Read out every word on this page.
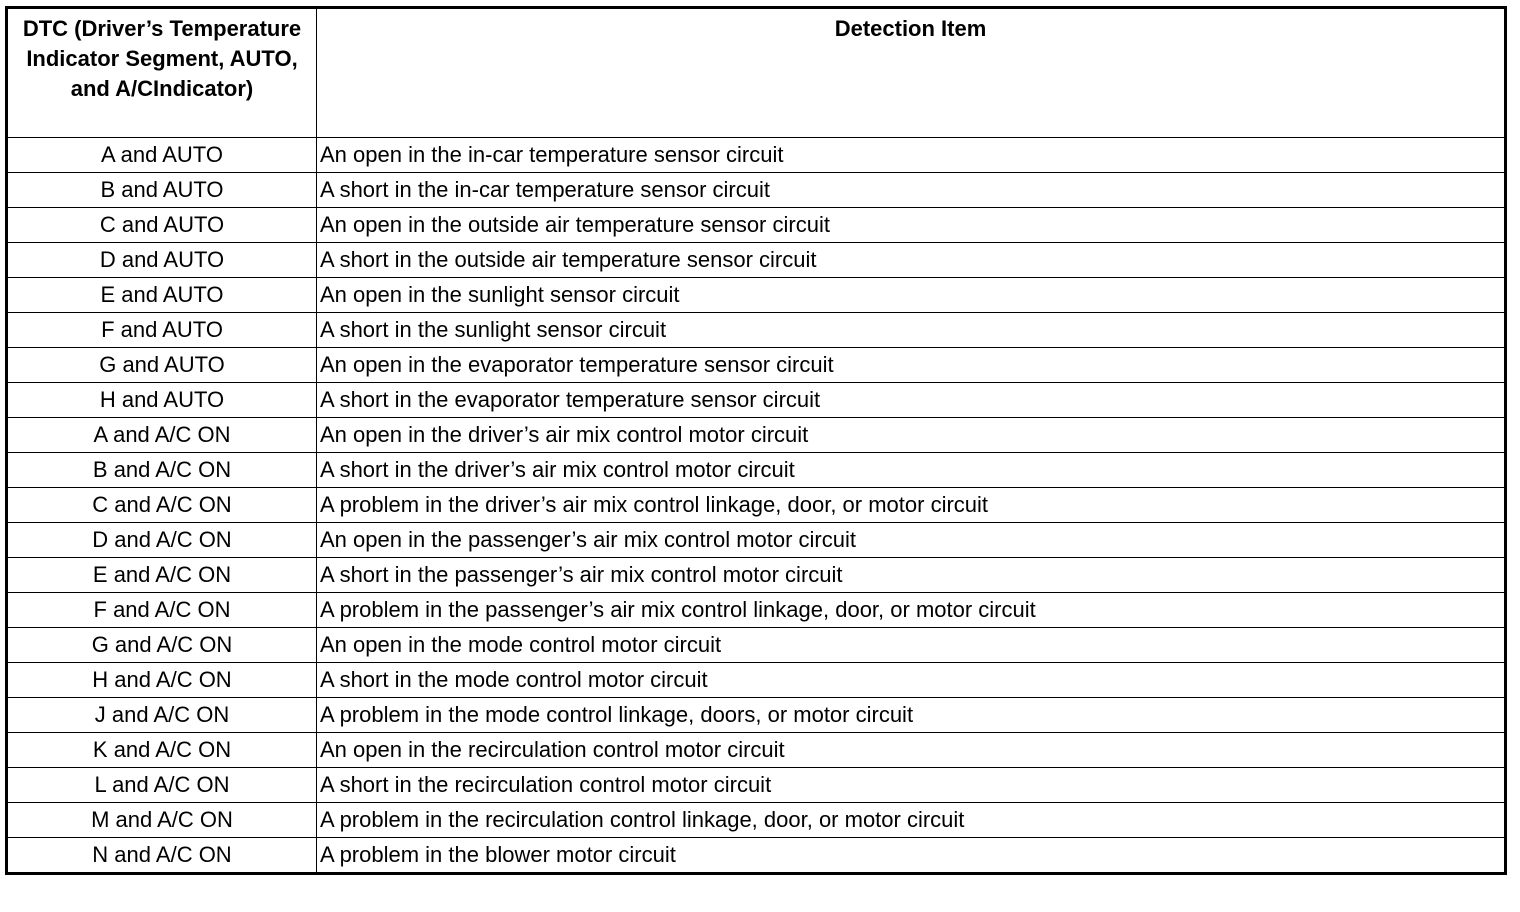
DTC (Driver’s Temperature Indicator Segment, AUTO, and A/CIndicator)	Detection Item
A and AUTO	An open in the in-car temperature sensor circuit
B and AUTO	A short in the in-car temperature sensor circuit
C and AUTO	An open in the outside air temperature sensor circuit
D and AUTO	A short in the outside air temperature sensor circuit
E and AUTO	An open in the sunlight sensor circuit
F and AUTO	A short in the sunlight sensor circuit
G and AUTO	An open in the evaporator temperature sensor circuit
H and AUTO	A short in the evaporator temperature sensor circuit
A and A/C ON	An open in the driver’s air mix control motor circuit
B and A/C ON	A short in the driver’s air mix control motor circuit
C and A/C ON	A problem in the driver’s air mix control linkage, door, or motor circuit
D and A/C ON	An open in the passenger’s air mix control motor circuit
E and A/C ON	A short in the passenger’s air mix control motor circuit
F and A/C ON	A problem in the passenger’s air mix control linkage, door, or motor circuit
G and A/C ON	An open in the mode control motor circuit
H and A/C ON	A short in the mode control motor circuit
J and A/C ON	A problem in the mode control linkage, doors, or motor circuit
K and A/C ON	An open in the recirculation control motor circuit
L and A/C ON	A short in the recirculation control motor circuit
M and A/C ON	A problem in the recirculation control linkage, door, or motor circuit
N and A/C ON	A problem in the blower motor circuit
